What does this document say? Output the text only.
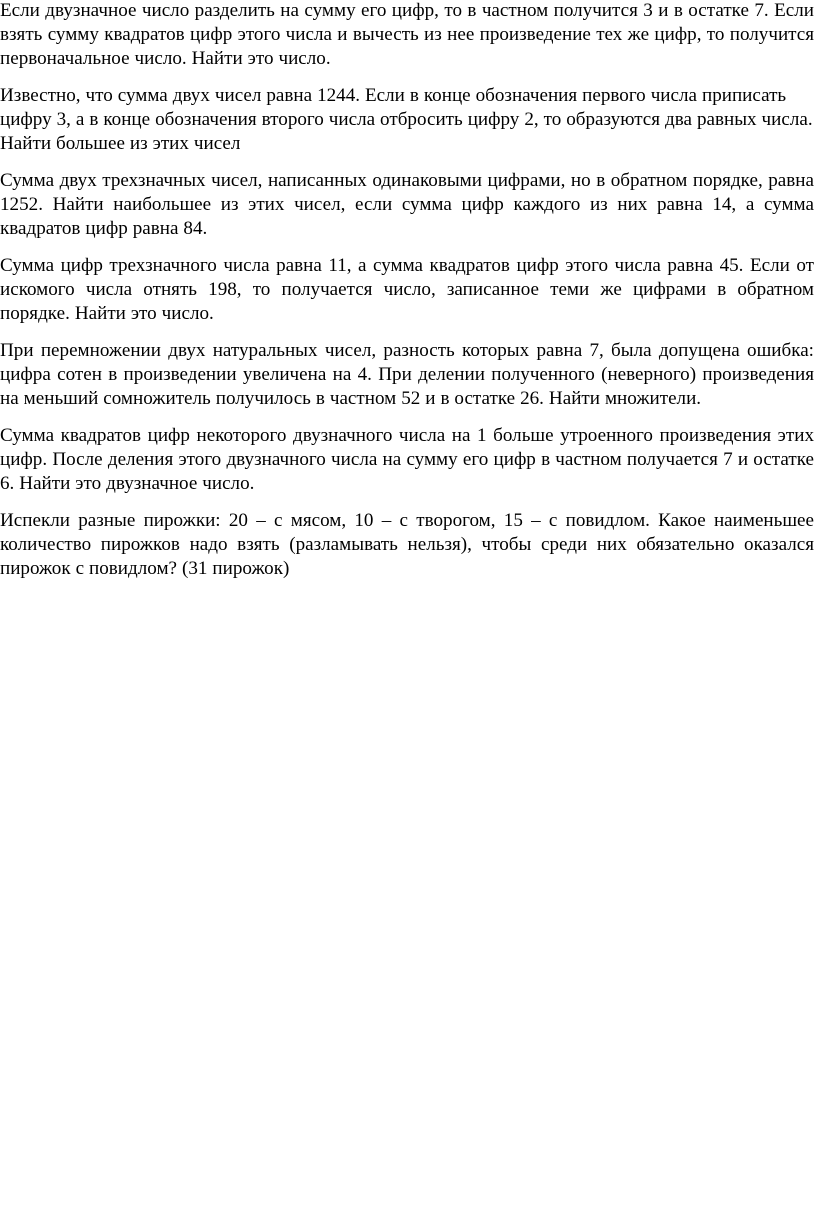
Если двузначное число разделить на сумму его цифр, то в частном получится 3 и в остатке 7. Если взять сумму квадратов цифр этого числа и вычесть из нее произведение тех же цифр, то получится первоначальное число. Найти это число.

Известно, что сумма двух чисел равна 1244. Если в конце обозначения первого числа приписать цифру 3, а в конце обозначения второго числа отбросить цифру 2, то образуются два равных числа. Найти большее из этих чисел

Сумма двух трехзначных чисел, написанных одинаковыми цифрами, но в обратном порядке, равна 1252. Найти наибольшее из этих чисел, если сумма цифр каждого из них равна 14, а сумма квадратов цифр равна 84.

Сумма цифр трехзначного числа равна 11, а сумма квадратов цифр этого числа равна 45. Если от искомого числа отнять 198, то получается число, записанное теми же цифрами в обратном порядке. Найти это число.

При перемножении двух натуральных чисел, разность которых равна 7, была допущена ошибка: цифра сотен в произведении увеличена на 4. При делении полученного (неверного) произведения на меньший сомножитель получилось в частном 52 и в остатке 26. Найти множители.

Сумма квадратов цифр некоторого двузначного числа на 1 больше утроенного произведения этих цифр. После деления этого двузначного числа на сумму его цифр в частном получается 7 и остатке 6. Найти это двузначное число.

Испекли разные пирожки: 20 – с мясом, 10 – с творогом, 15 – с повидлом. Какое наименьшее количество пирожков надо взять (разламывать нельзя), чтобы среди них обязательно оказался пирожок с повидлом? (31 пирожок)
